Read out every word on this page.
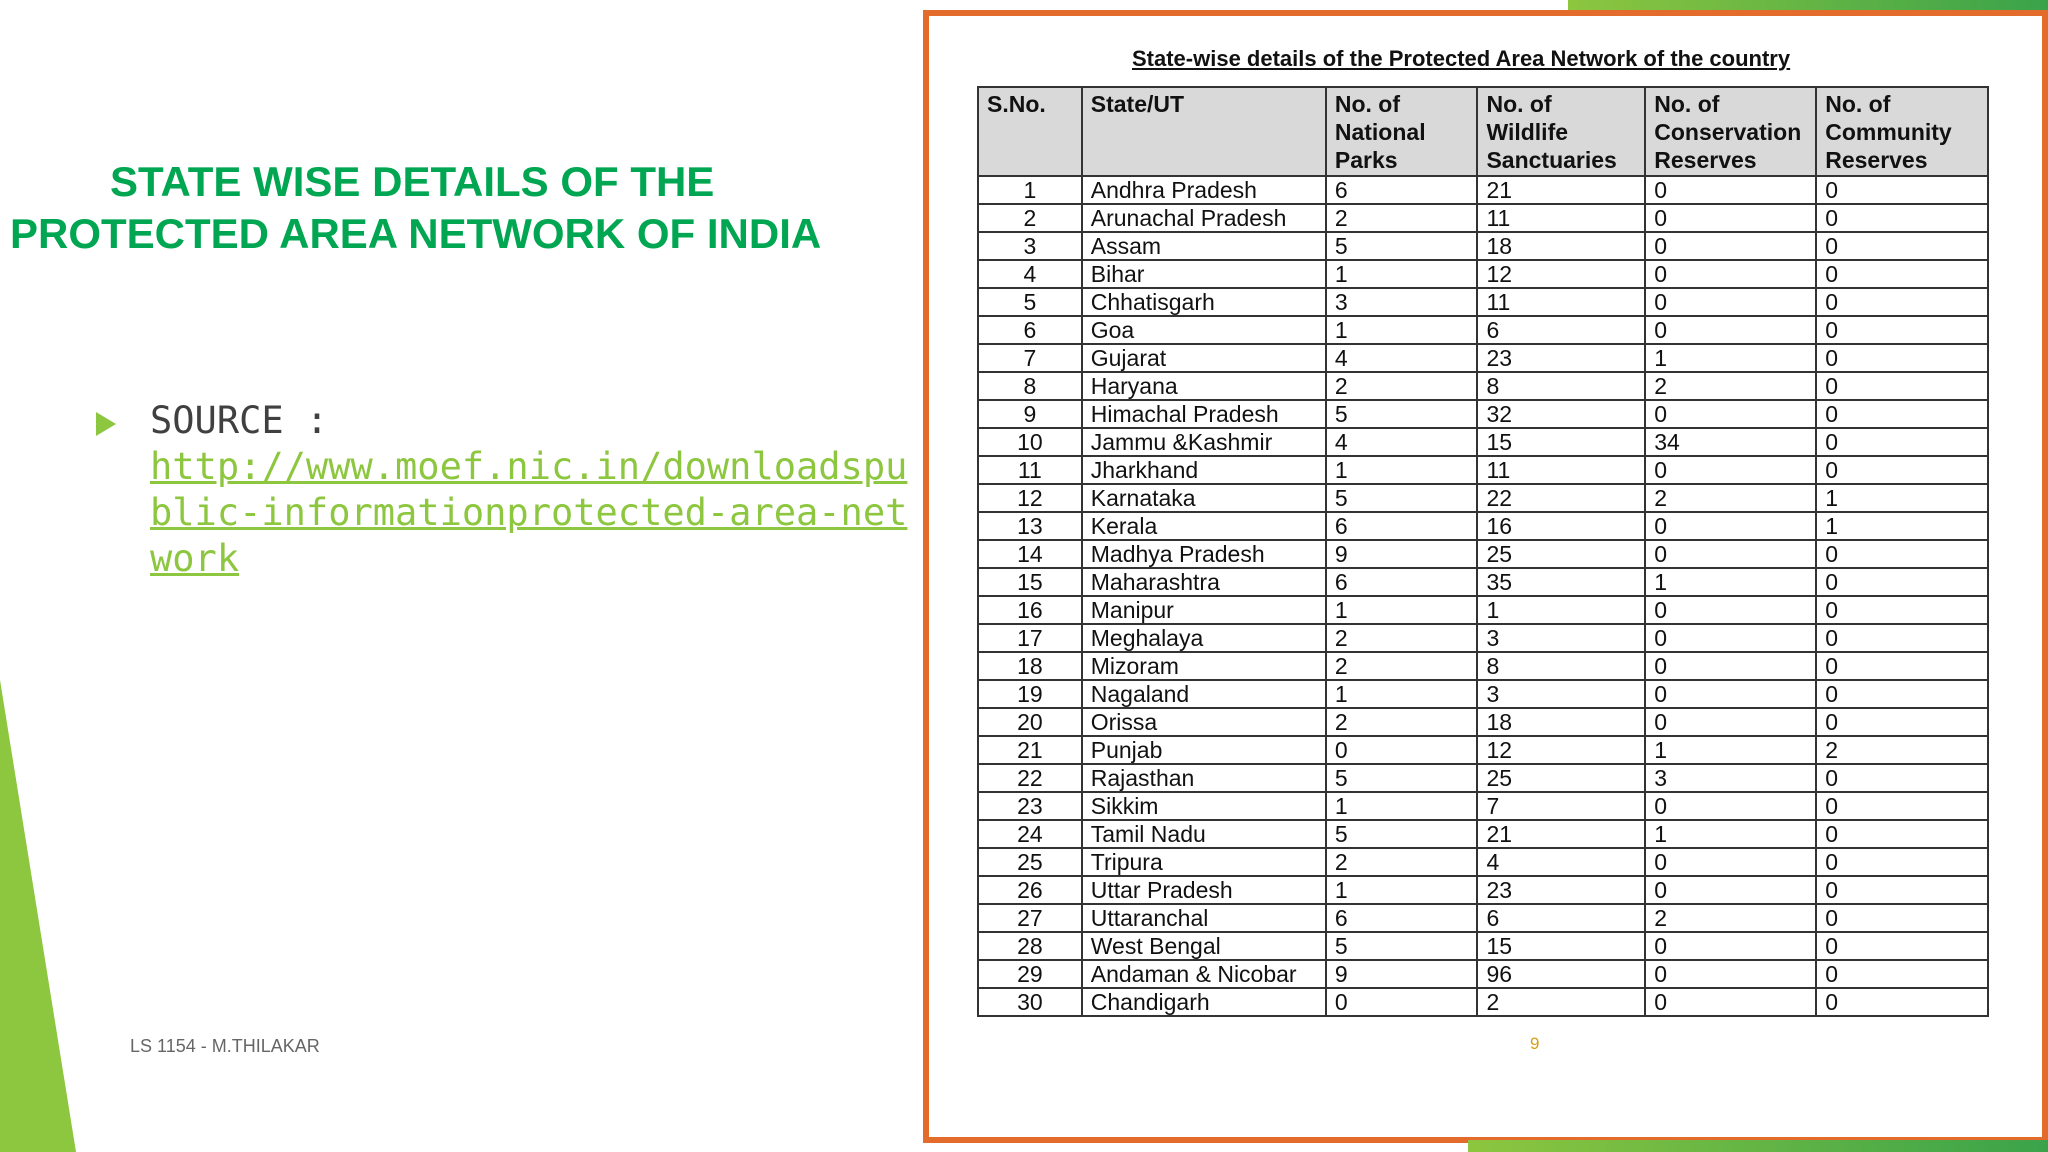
STATE WISE DETAILS OF THE
PROTECTED AREA NETWORK OF INDIA
SOURCE :
http://www.moef.nic.in/downloadspublic-informationprotected-area-network
LS 1154 - M.THILAKAR
State-wise details of the Protected Area Network of the country
S.No.	State/UT	No. of National Parks	No. of Wildlife Sanctuaries	No. of Conservation Reserves	No. of Community Reserves
1	Andhra Pradesh	6	21	0	0
2	Arunachal Pradesh	2	11	0	0
3	Assam	5	18	0	0
4	Bihar	1	12	0	0
5	Chhatisgarh	3	11	0	0
6	Goa	1	6	0	0
7	Gujarat	4	23	1	0
8	Haryana	2	8	2	0
9	Himachal Pradesh	5	32	0	0
10	Jammu &Kashmir	4	15	34	0
11	Jharkhand	1	11	0	0
12	Karnataka	5	22	2	1
13	Kerala	6	16	0	1
14	Madhya Pradesh	9	25	0	0
15	Maharashtra	6	35	1	0
16	Manipur	1	1	0	0
17	Meghalaya	2	3	0	0
18	Mizoram	2	8	0	0
19	Nagaland	1	3	0	0
20	Orissa	2	18	0	0
21	Punjab	0	12	1	2
22	Rajasthan	5	25	3	0
23	Sikkim	1	7	0	0
24	Tamil Nadu	5	21	1	0
25	Tripura	2	4	0	0
26	Uttar Pradesh	1	23	0	0
27	Uttaranchal	6	6	2	0
28	West Bengal	5	15	0	0
29	Andaman & Nicobar	9	96	0	0
30	Chandigarh	0	2	0	0
9
